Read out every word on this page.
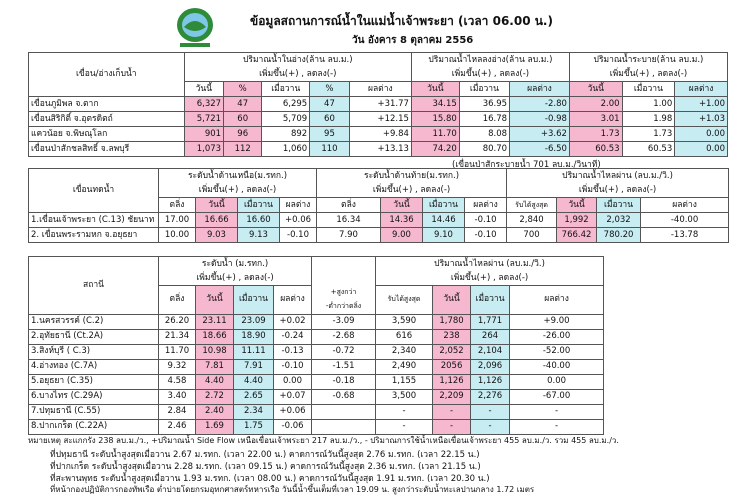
ข้อมูลสถานการณ์น้ำในแม่น้ำเจ้าพระยา (เวลา 06.00 น.)
วัน อังคาร 8 ตุลาคม 2556
เขื่อน/อ่างเก็บน้ำ	ปริมาณน้ำในอ่าง(ล้าน ลบ.ม.)					ปริมาณน้ำไหลลงอ่าง(ล้าน ลบ.ม.)			ปริมาณน้ำระบาย(ล้าน ลบ.ม.)		
	เพิ่มขึ้น(+) , ลดลง(-)					เพิ่มขึ้น(+) , ลดลง(-)			เพิ่มขึ้น(+) , ลดลง(-)		
	วันนี้	%	เมื่อวาน	%	ผลต่าง	วันนี้	เมื่อวาน	ผลต่าง	วันนี้	เมื่อวาน	ผลต่าง
เขื่อนภูมิพล จ.ตาก	6,327	47	6,295	47	+31.77	34.15	36.95	-2.80	2.00	1.00	+1.00
เขื่อนสิริกิติ์ จ.อุตรดิตถ์	5,721	60	5,709	60	+12.15	15.80	16.78	-0.98	3.01	1.98	+1.03
แควน้อย จ.พิษณุโลก	901	96	892	95	+9.84	11.70	8.08	+3.62	1.73	1.73	0.00
เขื่อนป่าสักชลสิทธิ์ จ.ลพบุรี	1,073	112	1,060	110	+13.13	74.20	80.70	-6.50	60.53	60.53	0.00
(เขื่อนป่าสักระบายน้ำ 701 ลบ.ม./วินาที)
เขื่อนทดน้ำ	ระดับน้ำด้านเหนือ(ม.รทก.)				ระดับน้ำด้านท้าย(ม.รทก.)				ปริมาณน้ำไหลผ่าน (ลบ.ม./วิ.)			
	เพิ่มขึ้น(+) , ลดลง(-)				เพิ่มขึ้น(+) , ลดลง(-)				เพิ่มขึ้น(+) , ลดลง(-)			
	ตลิ่ง	วันนี้	เมื่อวาน	ผลต่าง	ตลิ่ง	วันนี้	เมื่อวาน	ผลต่าง	รับได้สูงสุด	วันนี้	เมื่อวาน	ผลต่าง
1.เขื่อนเจ้าพระยา (C.13) ชัยนาท	17.00	16.66	16.60	+0.06	16.34	14.36	14.46	-0.10	2,840	1,992	2,032	-40.00
2. เขื่อนพระรามหก จ.อยุธยา	10.00	9.03	9.13	-0.10	7.90	9.00	9.10	-0.10	700	766.42	780.20	-13.78
สถานี	ระดับน้ำ (ม.รทก.)					ปริมาณน้ำไหลผ่าน (ลบ.ม./วิ.)			
	เพิ่มขึ้น(+) , ลดลง(-)					เพิ่มขึ้น(+) , ลดลง(-)			
	ตลิ่ง	วันนี้	เมื่อวาน	ผลต่าง	+สูงกว่า	รับได้สูงสุด	วันนี้	เมื่อวาน	ผลต่าง
					-ต่ำกว่าตลิ่ง				
1.นครสวรรค์ (C.2)	26.20	23.11	23.09	+0.02	-3.09	3,590	1,780	1,771	+9.00
2.อุทัยธานี (Ct.2A)	21.34	18.66	18.90	-0.24	-2.68	616	238	264	-26.00
3.สิงห์บุรี ( C.3)	11.70	10.98	11.11	-0.13	-0.72	2,340	2,052	2,104	-52.00
4.อ่างทอง (C.7A)	9.32	7.81	7.91	-0.10	-1.51	2,490	2056	2,096	-40.00
5.อยุธยา (C.35)	4.58	4.40	4.40	0.00	-0.18	1,155	1,126	1,126	0.00
6.บางไทร (C.29A)	3.40	2.72	2.65	+0.07	-0.68	3,500	2,209	2,276	-67.00
7.ปทุมธานี (C.55)	2.84	2.40	2.34	+0.06		-	-	-	-
8.ปากเกร็ด (C.22A)	2.46	1.69	1.75	-0.06		-	-	-	-
หมายเหตุ สะแกกรัง 238 ลบ.ม./ว., +ปริมาณน้ำ Side Flow เหนือเขื่อนเจ้าพระยา 217 ลบ.ม./ว., - ปริมาณการใช้น้ำเหนือเขื่อนเจ้าพระยา 455 ลบ.ม./ว. รวม 455 ลบ.ม./ว.
ที่ปทุมธานี ระดับน้ำสูงสุดเมื่อวาน 2.67 ม.รทก. (เวลา 22.00 น.) คาดการณ์วันนี้สูงสุด 2.76 ม.รทก. (เวลา 22.15 น.)
ที่ปากเกร็ด ระดับน้ำสูงสุดเมื่อวาน 2.28 ม.รทก. (เวลา 09.15 น.) คาดการณ์วันนี้สูงสุด 2.36 ม.รทก. (เวลา 21.15 น.)
ที่สะพานพุทธ ระดับน้ำสูงสุดเมื่อวาน 1.93 ม.รทก. (เวลา 08.00 น.) คาดการณ์วันนี้สูงสุด 1.91 ม.รทก. (เวลา 20.30 น.)
ที่หน้ากองปฏิบัติการกองทัพเรือ ต่ำบ่ายโดยกรมอุทกศาสตร์ทหารเรือ วันนี้น้ำขึ้นเต็มที่เวลา 19.09 น. สูงกว่าระดับน้ำทะเลปานกลาง 1.72 เมตร
